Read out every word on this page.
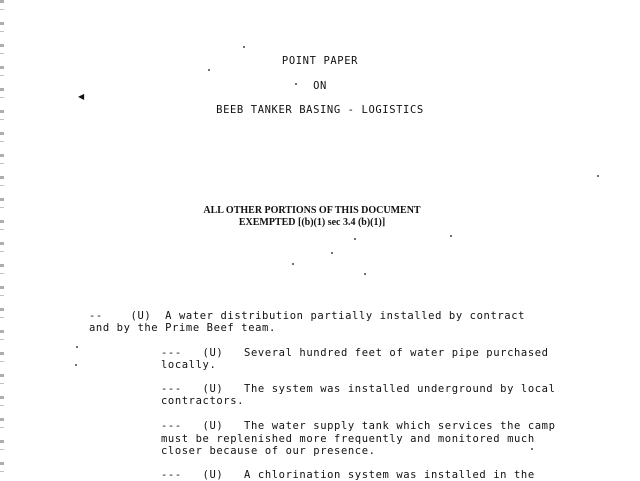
POINT PAPER
ON
BEEB TANKER BASING - LOGISTICS
◀
ALL OTHER PORTIONS OF THIS DOCUMENT
EXEMPTED [(b)(1) sec 3.4 (b)(1)]
--    (U)  A water distribution partially installed by contract
and by the Prime Beef team.
---   (U)   Several hundred feet of water pipe purchased
locally.
---   (U)   The system was installed underground by local
contractors.
---   (U)   The water supply tank which services the camp
must be replenished more frequently and monitored much
closer because of our presence.
---   (U)   A chlorination system was installed in the
